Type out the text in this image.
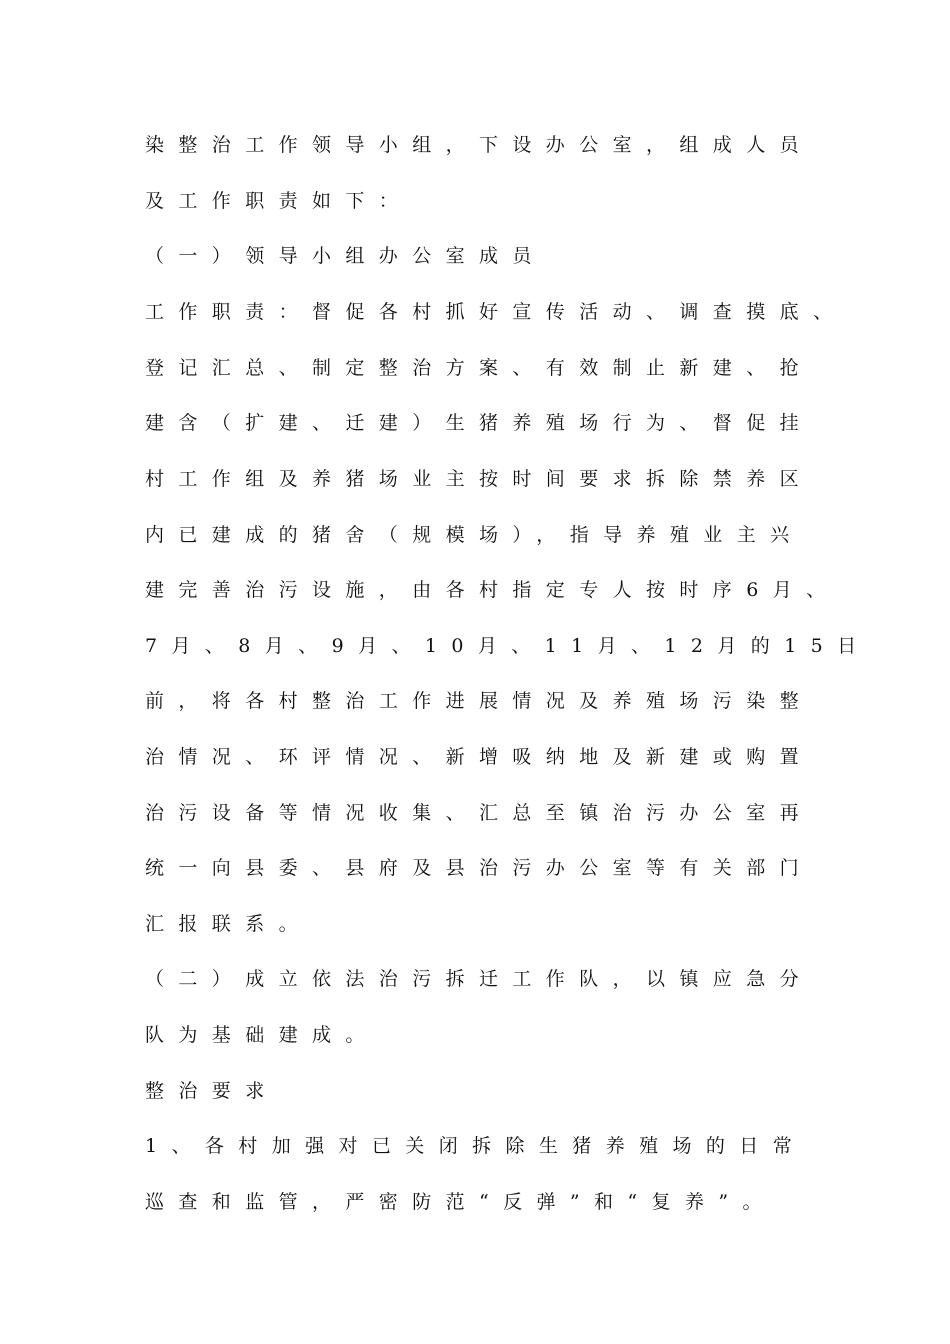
染整治工作领导小组，下设办公室，组成人员
及工作职责如下：
（一）领导小组办公室成员
工作职责：督促各村抓好宣传活动、调查摸底、
登记汇总、制定整治方案、有效制止新建、抢
建含（扩建、迁建）生猪养殖场行为、督促挂
村工作组及养猪场业主按时间要求拆除禁养区
内已建成的猪舍（规模场），指导养殖业主兴
建完善治污设施，由各村指定专人按时序6月、
7月、8月、9月、10月、11月、12月的15日
前，将各村整治工作进展情况及养殖场污染整
治情况、环评情况、新增吸纳地及新建或购置
治污设备等情况收集、汇总至镇治污办公室再
统一向县委、县府及县治污办公室等有关部门
汇报联系。
（二）成立依法治污拆迁工作队，以镇应急分
队为基础建成。
整治要求
1、各村加强对已关闭拆除生猪养殖场的日常
巡查和监管，严密防范“反弹”和“复养”。
